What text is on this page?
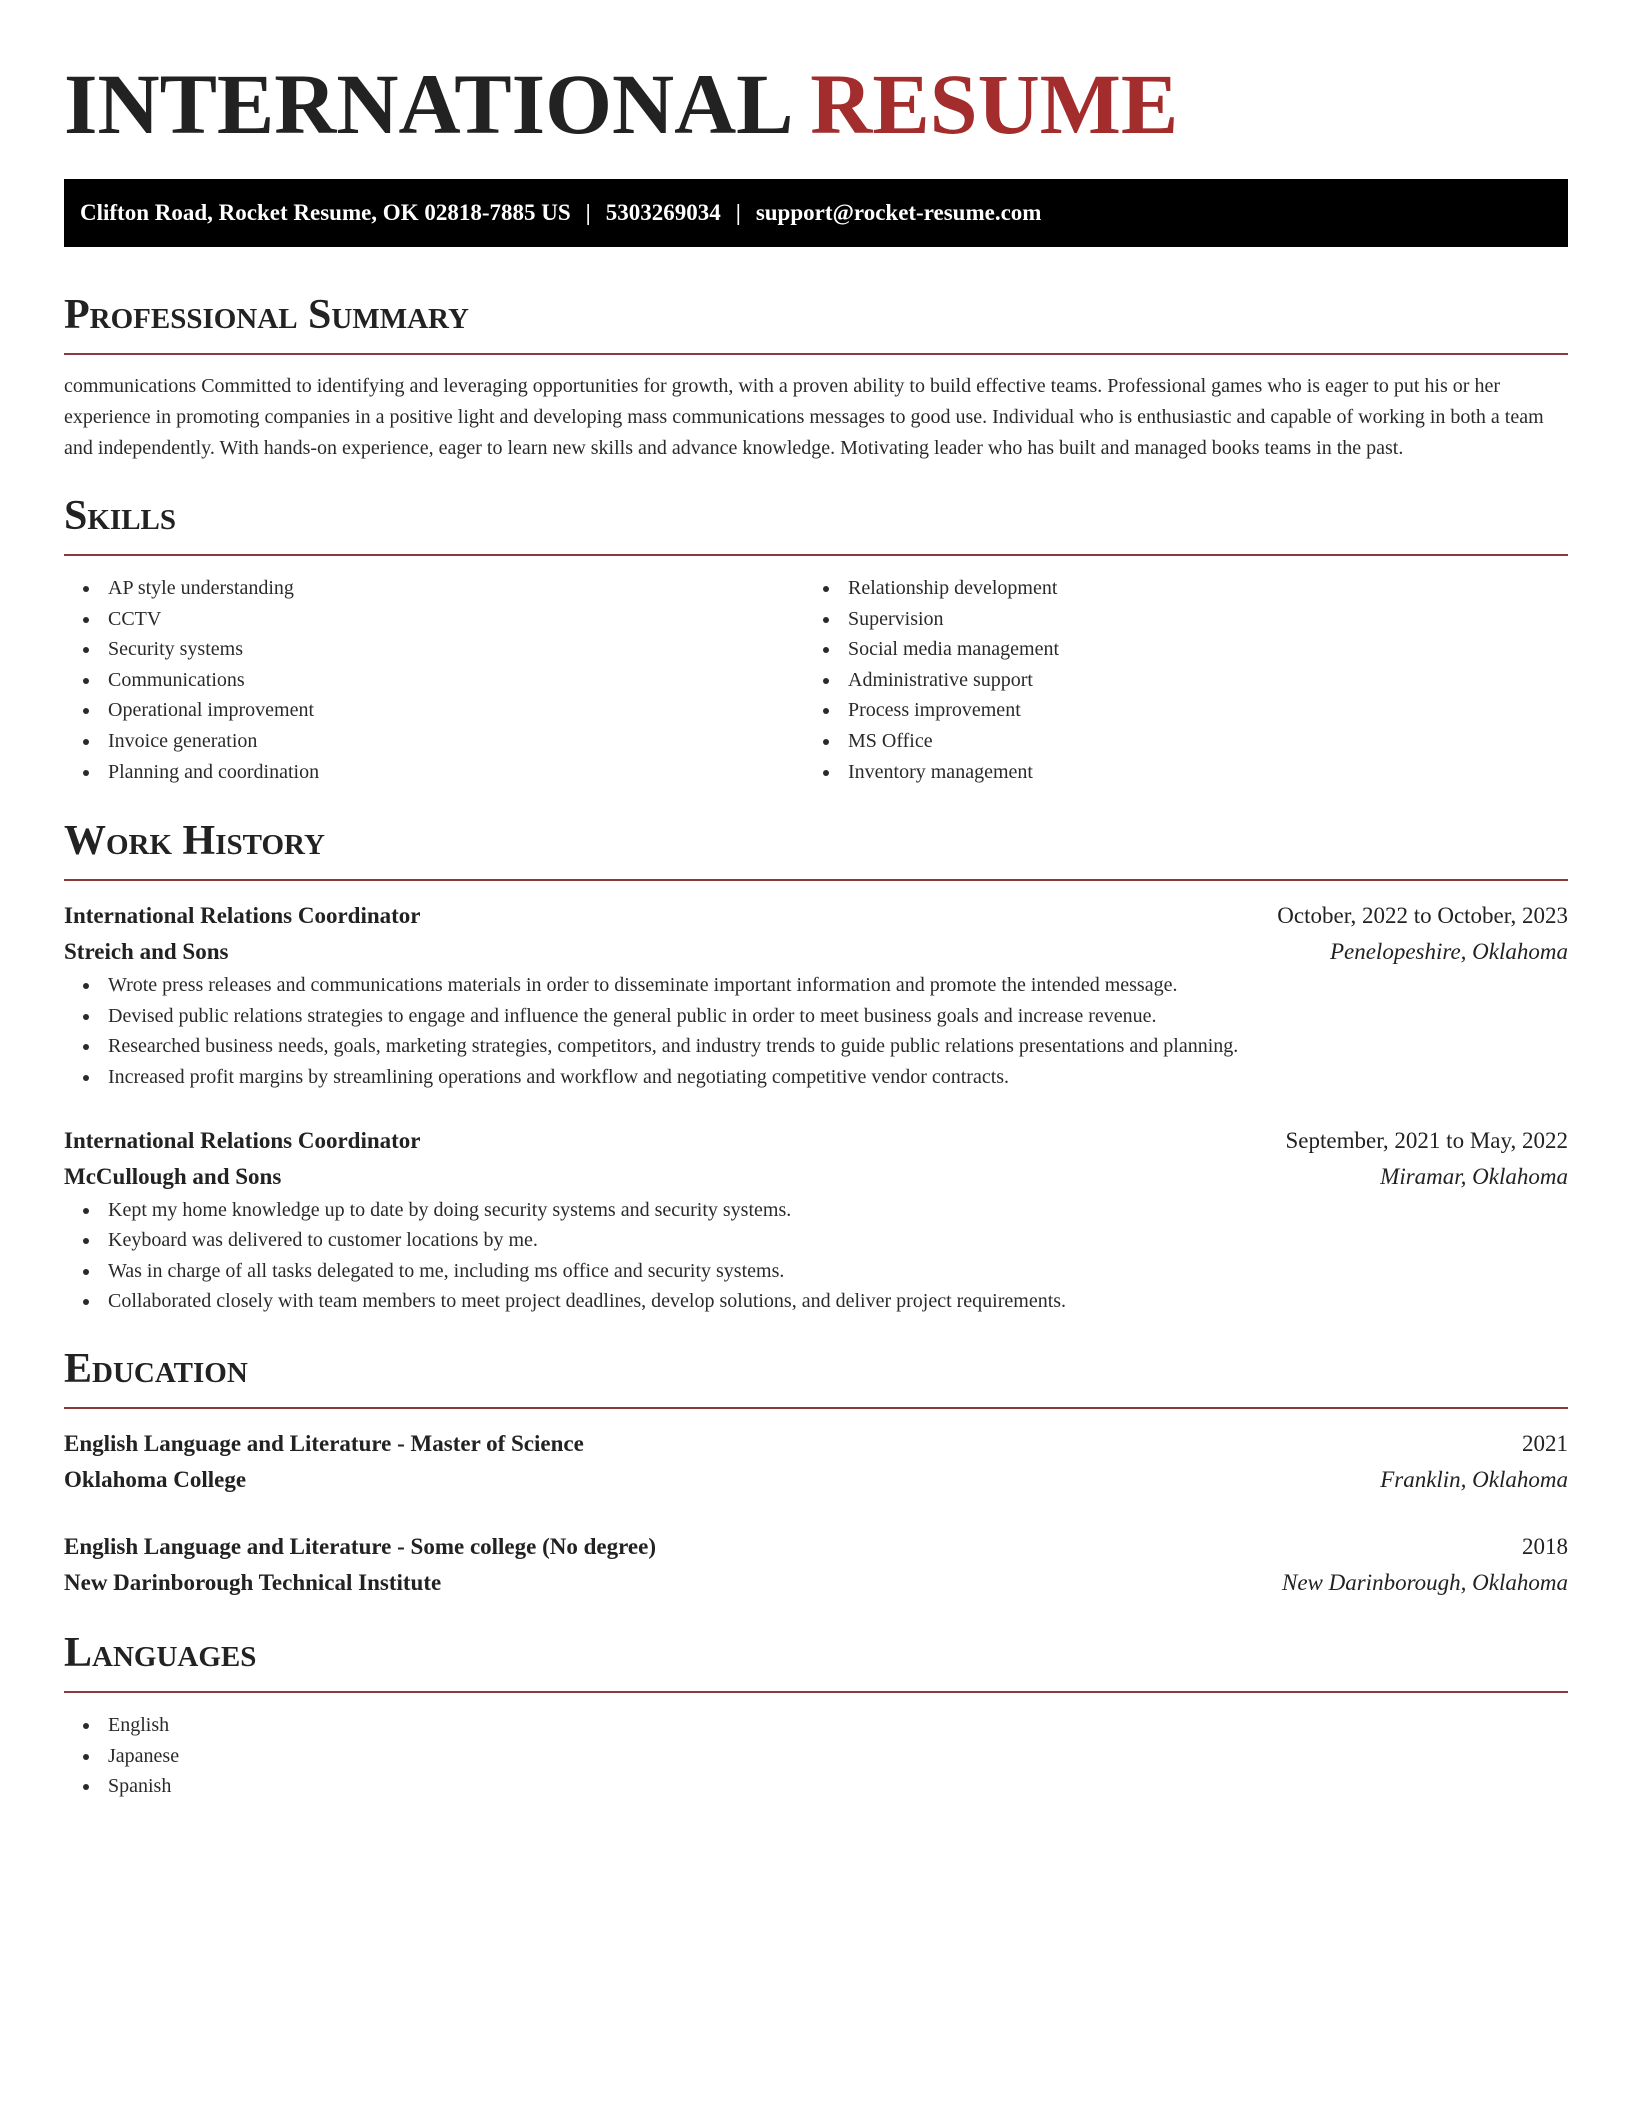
INTERNATIONAL RESUME
Clifton Road, Rocket Resume, OK 02818-7885 US | 5303269034 | support@rocket-resume.com
Professional Summary

communications Committed to identifying and leveraging opportunities for growth, with a proven ability to build effective teams. Professional games who is eager to put his or her experience in promoting companies in a positive light and developing mass communications messages to good use. Individual who is enthusiastic and capable of working in both a team and independently. With hands-on experience, eager to learn new skills and advance knowledge. Motivating leader who has built and managed books teams in the past.

Skills
AP style understanding
CCTV
Security systems
Communications
Operational improvement
Invoice generation
Planning and coordination
Relationship development
Supervision
Social media management
Administrative support
Process improvement
MS Office
Inventory management
Work History
International Relations Coordinator	October, 2022 to October, 2023
Streich and Sons	Penelopeshire, Oklahoma
Wrote press releases and communications materials in order to disseminate important information and promote the intended message.
Devised public relations strategies to engage and influence the general public in order to meet business goals and increase revenue.
Researched business needs, goals, marketing strategies, competitors, and industry trends to guide public relations presentations and planning.
Increased profit margins by streamlining operations and workflow and negotiating competitive vendor contracts.
International Relations Coordinator	September, 2021 to May, 2022
McCullough and Sons	Miramar, Oklahoma
Kept my home knowledge up to date by doing security systems and security systems.
Keyboard was delivered to customer locations by me.
Was in charge of all tasks delegated to me, including ms office and security systems.
Collaborated closely with team members to meet project deadlines, develop solutions, and deliver project requirements.
Education
English Language and Literature - Master of Science	2021
Oklahoma College	Franklin, Oklahoma
English Language and Literature - Some college (No degree)	2018
New Darinborough Technical Institute	New Darinborough, Oklahoma
Languages
English
Japanese
Spanish
